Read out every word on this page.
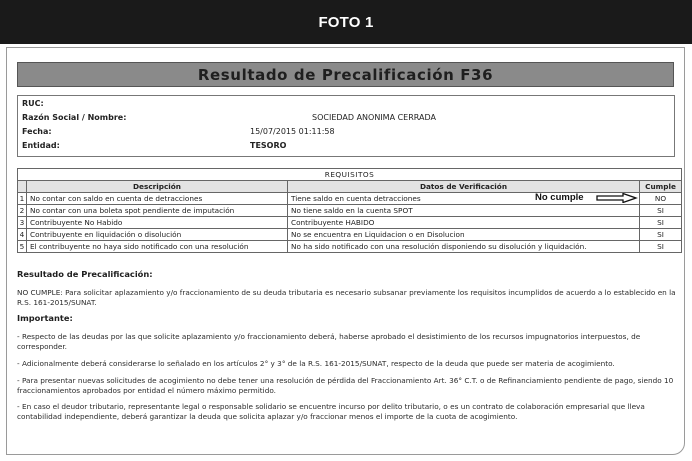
FOTO 1
Resultado de Precalificación F36
RUC:
Razón Social / Nombre:	SOCIEDAD ANONIMA CERRADA
Fecha:	15/07/2015 01:11:58
Entidad:	TESORO
REQUISITOS			
	Descripción	Datos de Verificación	Cumple
1	No contar con saldo en cuenta de detracciones	Tiene saldo en cuenta detracciones No cumple	NO
2	No contar con una boleta spot pendiente de imputación	No tiene saldo en la cuenta SPOT	SI
3	Contribuyente No Habido	Contribuyente HABIDO	SI
4	Contribuyente en liquidación o disolución	No se encuentra en Liquidacion o en Disolucion	SI
5	El contribuyente no haya sido notificado con una resolución	No ha sido notificado con una resolución disponiendo su disolución y liquidación.	SI
Resultado de Precalificación:
NO CUMPLE: Para solicitar aplazamiento y/o fraccionamiento de su deuda tributaria es necesario subsanar previamente los requisitos incumplidos de acuerdo a lo establecido en la R.S. 161-2015/SUNAT.
Importante:
- Respecto de las deudas por las que solicite aplazamiento y/o fraccionamiento deberá, haberse aprobado el desistimiento de los recursos impugnatorios interpuestos, de corresponder.
- Adicionalmente deberá considerarse lo señalado en los artículos 2° y 3° de la R.S. 161-2015/SUNAT, respecto de la deuda que puede ser materia de acogimiento.
- Para presentar nuevas solicitudes de acogimiento no debe tener una resolución de pérdida del Fraccionamiento Art. 36° C.T. o de Refinanciamiento pendiente de pago, siendo 10 fraccionamientos aprobados por entidad el número máximo permitido.
- En caso el deudor tributario, representante legal o responsable solidario se encuentre incurso por delito tributario, o es un contrato de colaboración empresarial que lleva contabilidad independiente, deberá garantizar la deuda que solicita aplazar y/o fraccionar menos el importe de la cuota de acogimiento.
